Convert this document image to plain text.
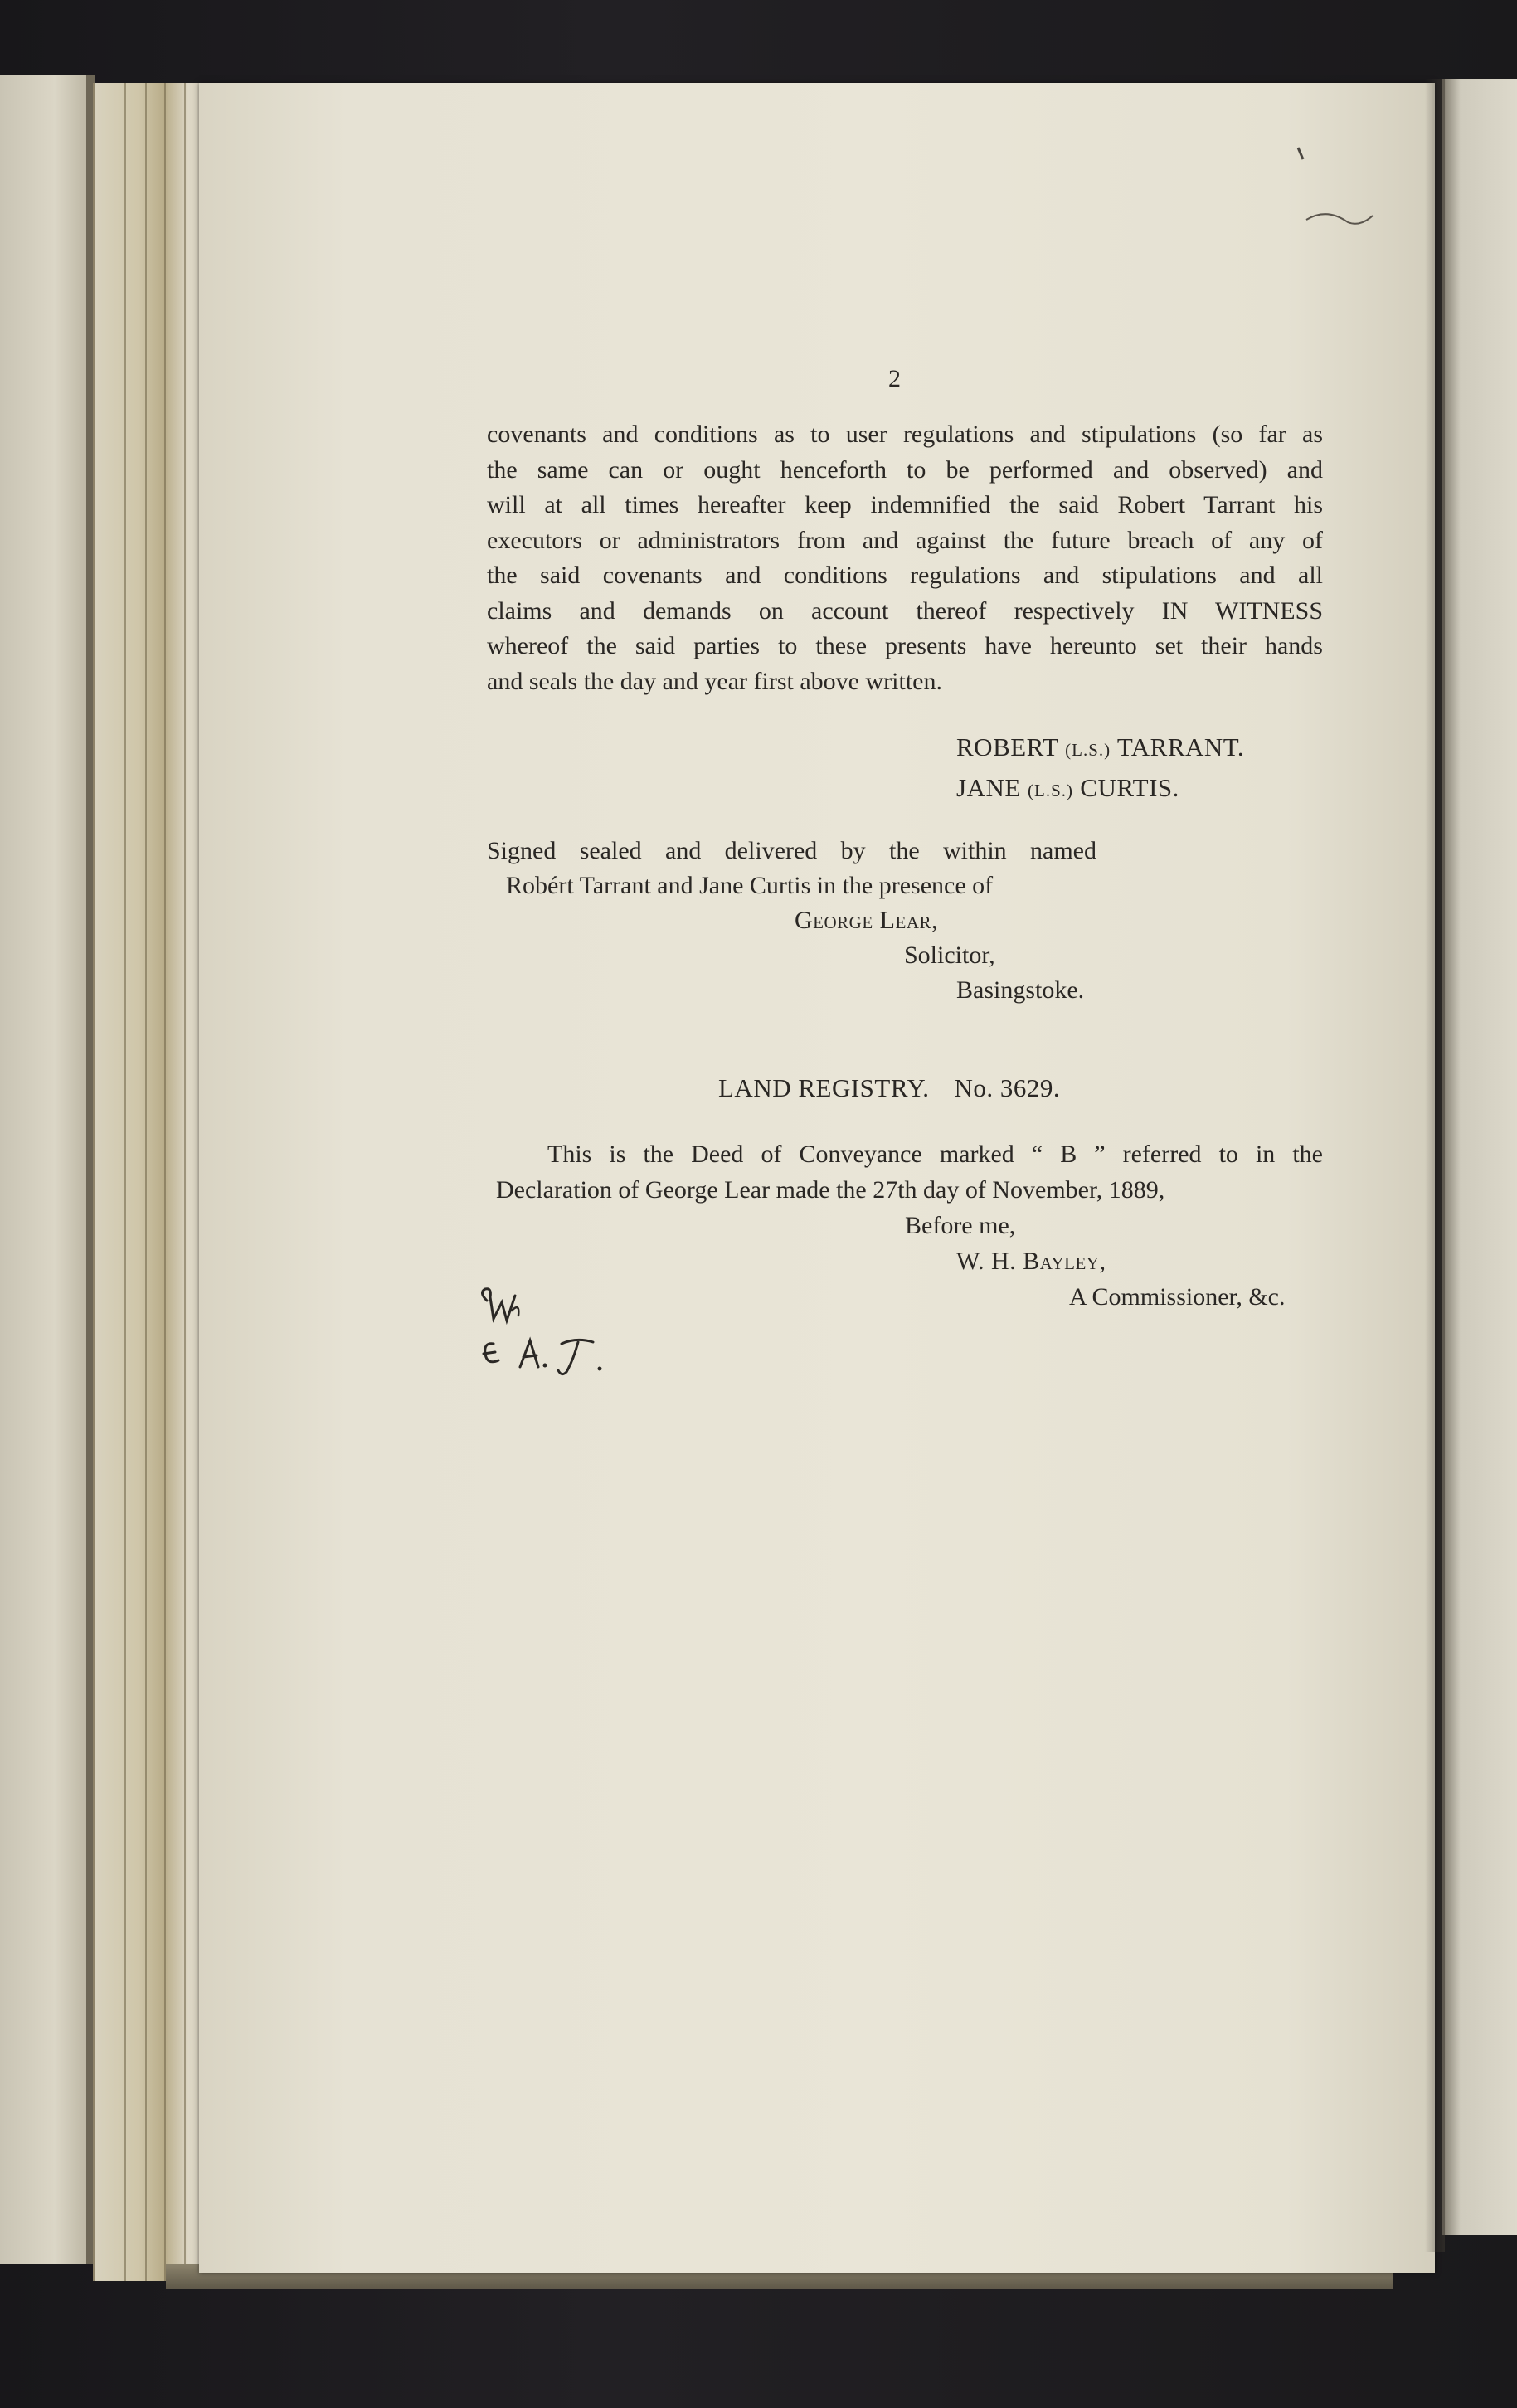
2
covenants and conditions as to user regulations and stipulations (so far as
the same can or ought henceforth to be performed and observed) and
will at all times hereafter keep indemnified the said Robert Tarrant his
executors or administrators from and against the future breach of any of
the said covenants and conditions regulations and stipulations and all
claims and demands on account thereof respectively IN WITNESS
whereof the said parties to these presents have hereunto set their hands
and seals the day and year first above written.
ROBERT (L.S.) TARRANT.
JANE (L.S.) CURTIS.
Signed sealed and delivered by the within named
Robért Tarrant and Jane Curtis in the presence of
George Lear,
Solicitor,
Basingstoke.
LAND REGISTRY. No. 3629.
This is the Deed of Conveyance marked “ B ” referred to in the
Declaration of George Lear made the 27th day of November, 1889,
Before me,
W. H. Bayley,
A Commissioner, &c.
